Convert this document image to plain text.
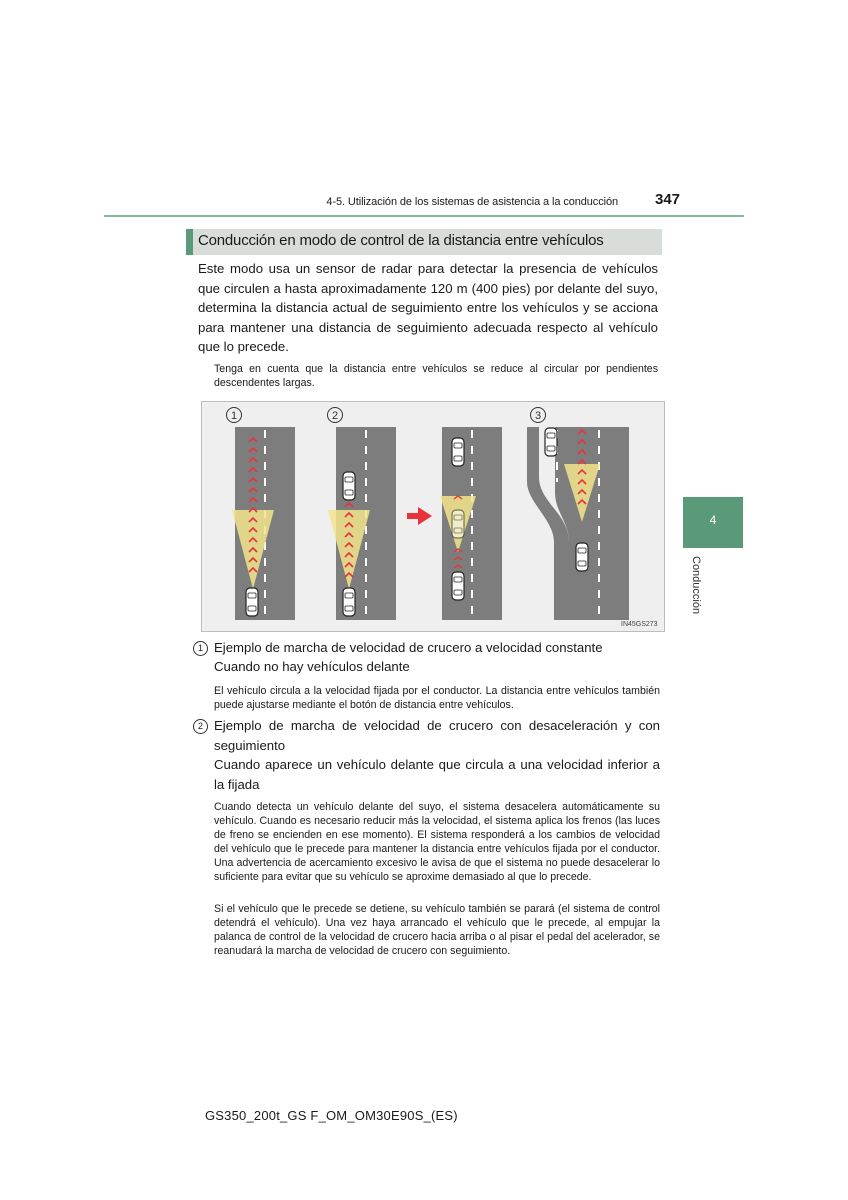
4-5. Utilización de los sistemas de asistencia a la conducción 347
Conducción en modo de control de la distancia entre vehículos
Este modo usa un sensor de radar para detectar la presencia de vehículos que circulen a hasta aproximadamente 120 m (400 pies) por delante del suyo, determina la distancia actual de seguimiento entre los vehículos y se acciona para mantener una distancia de seguimiento adecuada respecto al vehículo que lo precede.
Tenga en cuenta que la distancia entre vehículos se reduce al circular por pendientes descendentes largas.
1	2	3
IN45GS273
4
Conducción
1 Ejemplo de marcha de velocidad de crucero a velocidad constante
Cuando no hay vehículos delante
El vehículo circula a la velocidad fijada por el conductor. La distancia entre vehículos también puede ajustarse mediante el botón de distancia entre vehículos.
2 Ejemplo de marcha de velocidad de crucero con desaceleración y con seguimiento
Cuando aparece un vehículo delante que circula a una velocidad inferior a la fijada
Cuando detecta un vehículo delante del suyo, el sistema desacelera automáticamente su vehículo. Cuando es necesario reducir más la velocidad, el sistema aplica los frenos (las luces de freno se encienden en ese momento). El sistema responderá a los cambios de velocidad del vehículo que le precede para mantener la distancia entre vehículos fijada por el conductor. Una advertencia de acercamiento excesivo le avisa de que el sistema no puede desacelerar lo suficiente para evitar que su vehículo se aproxime demasiado al que lo precede.
Si el vehículo que le precede se detiene, su vehículo también se parará (el sistema de control detendrá el vehículo). Una vez haya arrancado el vehículo que le precede, al empujar la palanca de control de la velocidad de crucero hacia arriba o al pisar el pedal del acelerador, se reanudará la marcha de velocidad de crucero con seguimiento.
GS350_200t_GS F_OM_OM30E90S_(ES)
